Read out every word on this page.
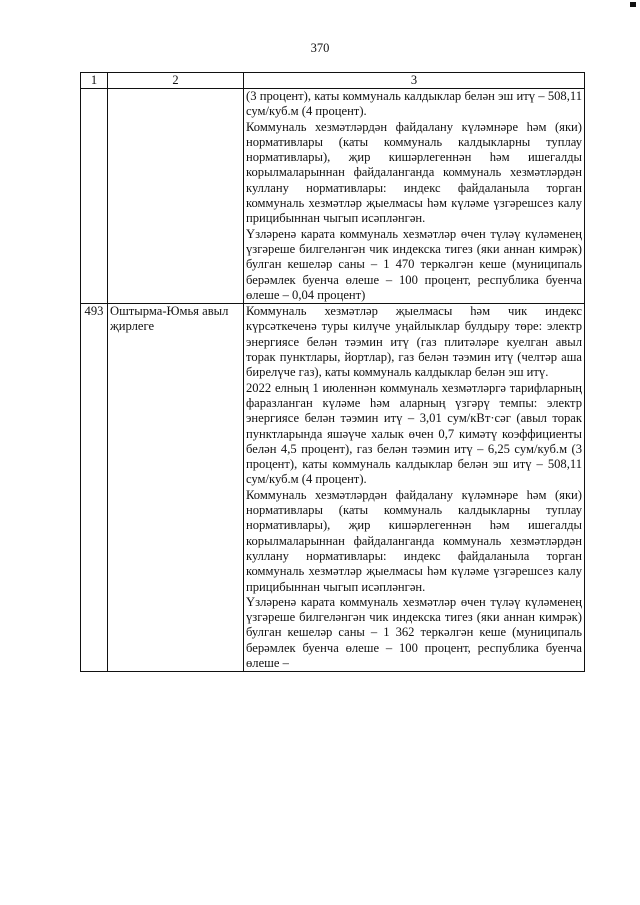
370
1	2	3

		(3 процент), каты коммуналь калдыклар белән эш итү – 508,11 сум/куб.м (4 процент).

Коммуналь хезмәтләрдән файдалану күләмнәре һәм (яки) нормативлары (каты коммуналь калдыкларны туплау нормативлары), җир кишәрлегеннән һәм ишегалды корылмаларыннан файдаланганда коммуналь хезмәтләрдән куллану нормативлары: индекс файдаланыла торган коммуналь хезмәтләр җыелмасы һәм күләме үзгәрешсез калу прицибыннан чыгып исәпләнгән.

Үзләренә карата коммуналь хезмәтләр өчен түләү күләменең үзгәреше билгеләнгән чик индекска тигез (яки аннан кимрәк) булган кешеләр саны – 1 470 теркәлгән кеше (муниципаль берәмлек буенча өлеше – 100 процент, республика буенча өлеше – 0,04 процент)

493	Оштырма-Юмья авыл җирлеге	Коммуналь хезмәтләр җыелмасы һәм чик индекс күрсәткеченә туры килүче уңайлыклар булдыру төре: электр энергиясе белән тәэмин итү (газ плитәләре куелган авыл торак пунктлары, йортлар), газ белән тәэмин итү (челтәр аша бирелүче газ), каты коммуналь калдыклар белән эш итү.

2022 елның 1 июленнән коммуналь хезмәтләргә тарифларның фаразланган күләме һәм аларның үзгәрү темпы: электр энергиясе белән тәэмин итү – 3,01 сум/кВт·сәг (авыл торак пунктларында яшәүче халык өчен 0,7 кимәтү коэффициенты белән 4,5 процент), газ белән тәэмин итү – 6,25 сум/куб.м (3 процент), каты коммуналь калдыклар белән эш итү – 508,11 сум/куб.м (4 процент).

Коммуналь хезмәтләрдән файдалану күләмнәре һәм (яки) нормативлары (каты коммуналь калдыкларны туплау нормативлары), җир кишәрлегеннән һәм ишегалды корылмаларыннан файдаланганда коммуналь хезмәтләрдән куллану нормативлары: индекс файдаланыла торган коммуналь хезмәтләр җыелмасы һәм күләме үзгәрешсез калу прицибыннан чыгып исәпләнгән.

Үзләренә карата коммуналь хезмәтләр өчен түләү күләменең үзгәреше билгеләнгән чик индекска тигез (яки аннан кимрәк) булган кешеләр саны – 1 362 теркәлгән кеше (муниципаль берәмлек буенча өлеше – 100 процент, республика буенча өлеше –
